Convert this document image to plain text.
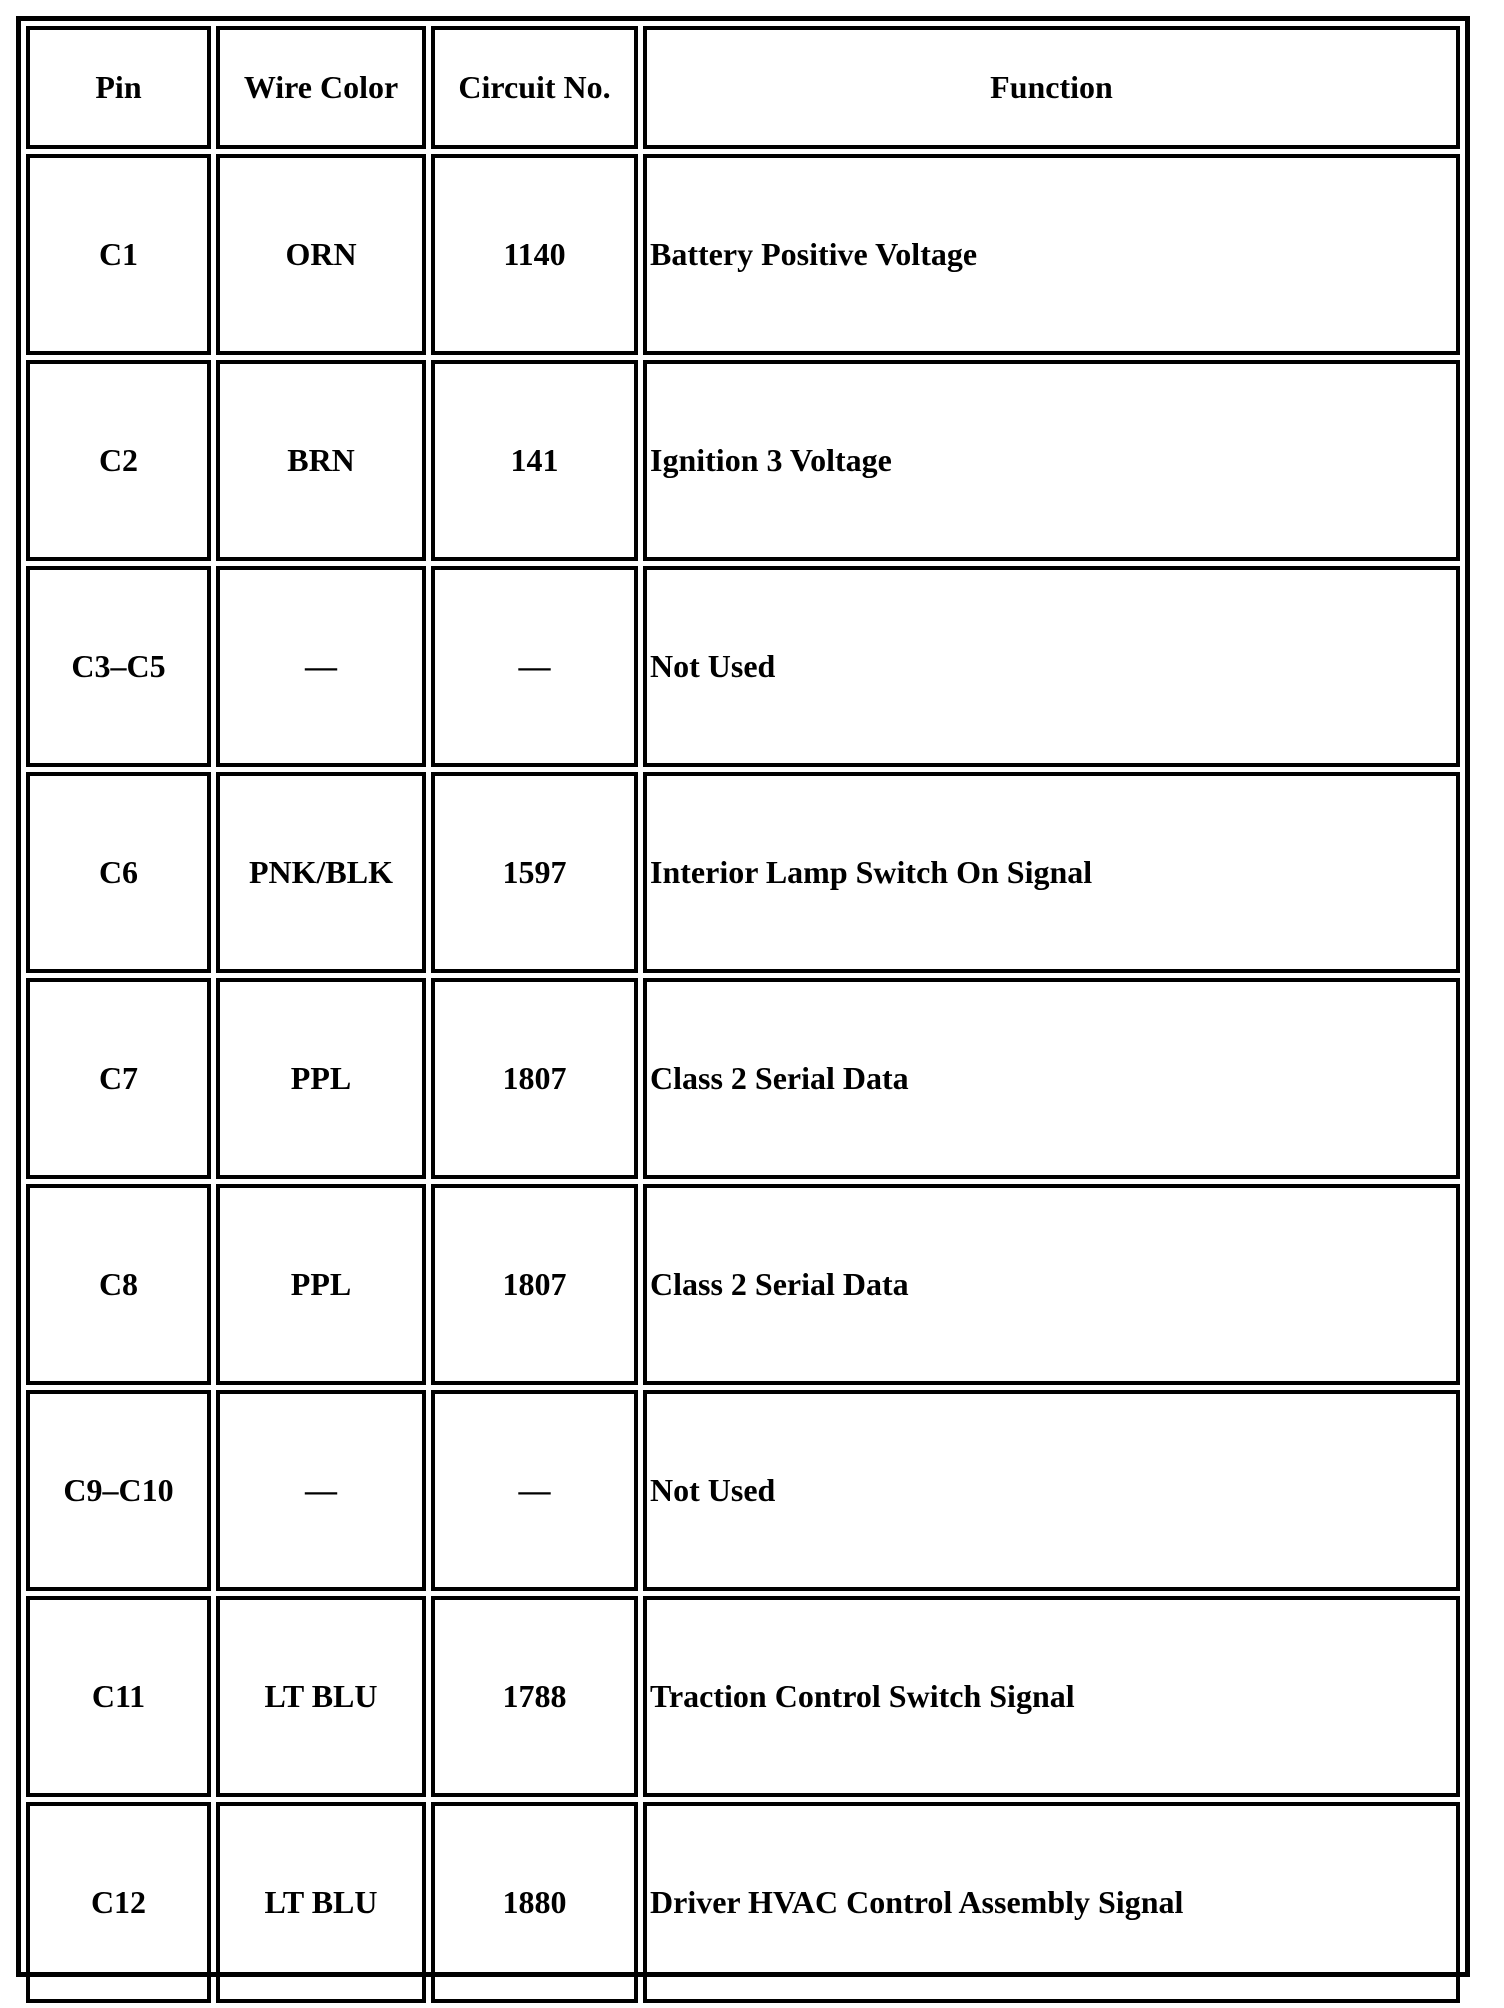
Pin	Wire Color	Circuit No.	Function
C1	ORN	1140	Battery Positive Voltage
C2	BRN	141	Ignition 3 Voltage
C3–C5	—	—	Not Used
C6	PNK/BLK	1597	Interior Lamp Switch On Signal
C7	PPL	1807	Class 2 Serial Data
C8	PPL	1807	Class 2 Serial Data
C9–C10	—	—	Not Used
C11	LT BLU	1788	Traction Control Switch Signal
C12	LT BLU	1880	Driver HVAC Control Assembly Signal
